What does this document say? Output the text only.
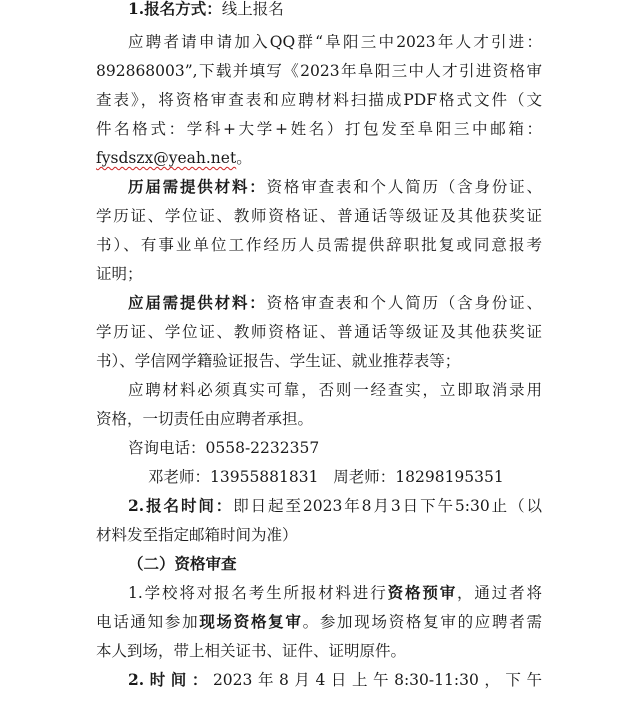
1.报名方式：线上报名
应聘者请申请加入QQ群“阜阳三中2023年人才引进：
892868003”,下载并填写《2023年阜阳三中人才引进资格审
查表》，将资格审查表和应聘材料扫描成PDF格式文件（文
件名格式：学科+大学+姓名）打包发至阜阳三中邮箱：
fysdszx@yeah.net。
历届需提供材料：资格审查表和个人简历（含身份证、
学历证、学位证、教师资格证、普通话等级证及其他获奖证
书）、有事业单位工作经历人员需提供辞职批复或同意报考
证明；
应届需提供材料：资格审查表和个人简历（含身份证、
学历证、学位证、教师资格证、普通话等级证及其他获奖证
书）、学信网学籍验证报告、学生证、就业推荐表等；
应聘材料必须真实可靠，否则一经查实，立即取消录用
资格，一切责任由应聘者承担。
咨询电话：0558-2232357
邓老师：13955881831   周老师：18298195351
2.报名时间：即日起至2023年8月3日下午5:30止（以
材料发至指定邮箱时间为准）
（二）资格审查
1.学校将对报名考生所报材料进行资格预审，通过者将
电话通知参加现场资格复审。参加现场资格复审的应聘者需
本人到场，带上相关证书、证件、证明原件。
2.时间：2023年8月4日上午8:30-11:30，下午
